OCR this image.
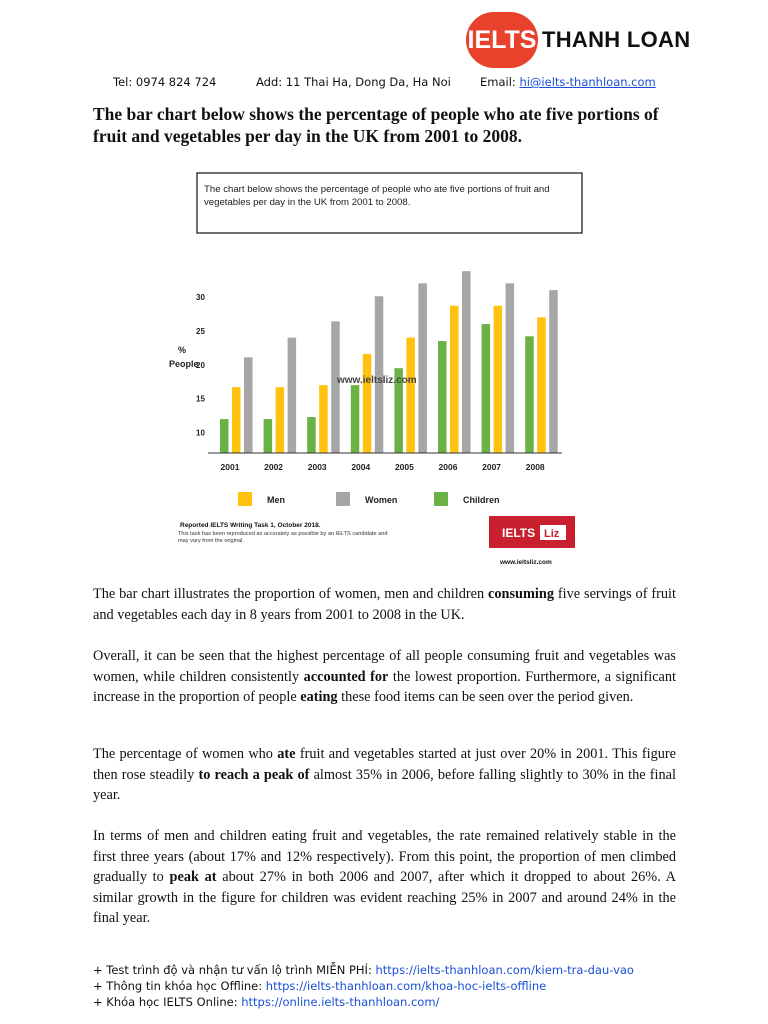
IELTS THANH LOAN
Tel: 0974 824 724	Add: 11 Thai Ha, Dong Da, Ha Noi	Email: hi@ielts-thanhloan.com
The bar chart below shows the percentage of people who ate five portions of fruit and vegetables per day in the UK from 2001 to 2008.
The chart below shows the percentage of people who ate five portions of fruit and vegetables per day in the UK from 2001 to 2008.
%
People
10
15
20
25
30
2001	2002	2003	2004	2005	2006	2007	2008
www.ieltsliz.com
Men	Women	Children
Reported IELTS Writing Task 1, October 2018.
This task has been reproduced as accurately as possible by an IELTS candidate and may vary from the original.
IELTS Liz
www.ieltsliz.com
The bar chart illustrates the proportion of women, men and children consuming five servings of fruit and vegetables each day in 8 years from 2001 to 2008 in the UK.
Overall, it can be seen that the highest percentage of all people consuming fruit and vegetables was women, while children consistently accounted for the lowest proportion. Furthermore, a significant increase in the proportion of people eating these food items can be seen over the period given.
The percentage of women who ate fruit and vegetables started at just over 20% in 2001. This figure then rose steadily to reach a peak of almost 35% in 2006, before falling slightly to 30% in the final year.
In terms of men and children eating fruit and vegetables, the rate remained relatively stable in the first three years (about 17% and 12% respectively). From this point, the proportion of men climbed gradually to peak at about 27% in both 2006 and 2007, after which it dropped to about 26%. A similar growth in the figure for children was evident reaching 25% in 2007 and around 24% in the final year.
+ Test trình độ và nhận tư vấn lộ trình MIỄN PHÍ: https://ielts-thanhloan.com/kiem-tra-dau-vao
+ Thông tin khóa học Offline: https://ielts-thanhloan.com/khoa-hoc-ielts-offline
+ Khóa học IELTS Online: https://online.ielts-thanhloan.com/
